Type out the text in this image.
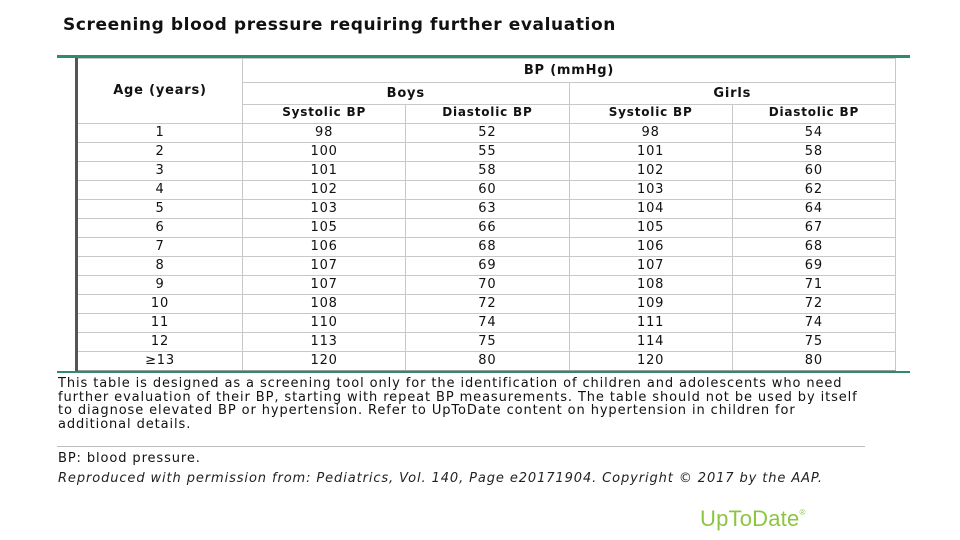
Screening blood pressure requiring further evaluation
Age (years)	BP (mmHg)			
	Boys		Girls	
	Systolic BP	Diastolic BP	Systolic BP	Diastolic BP
1	98	52	98	54
2	100	55	101	58
3	101	58	102	60
4	102	60	103	62
5	103	63	104	64
6	105	66	105	67
7	106	68	106	68
8	107	69	107	69
9	107	70	108	71
10	108	72	109	72
11	110	74	111	74
12	113	75	114	75
≥13	120	80	120	80
This table is designed as a screening tool only for the identification of children and adolescents who need further evaluation of their BP, starting with repeat BP measurements. The table should not be used by itself to diagnose elevated BP or hypertension. Refer to UpToDate content on hypertension in children for additional details.
BP: blood pressure.
Reproduced with permission from: Pediatrics, Vol. 140, Page e20171904. Copyright © 2017 by the AAP.
UpToDate®
